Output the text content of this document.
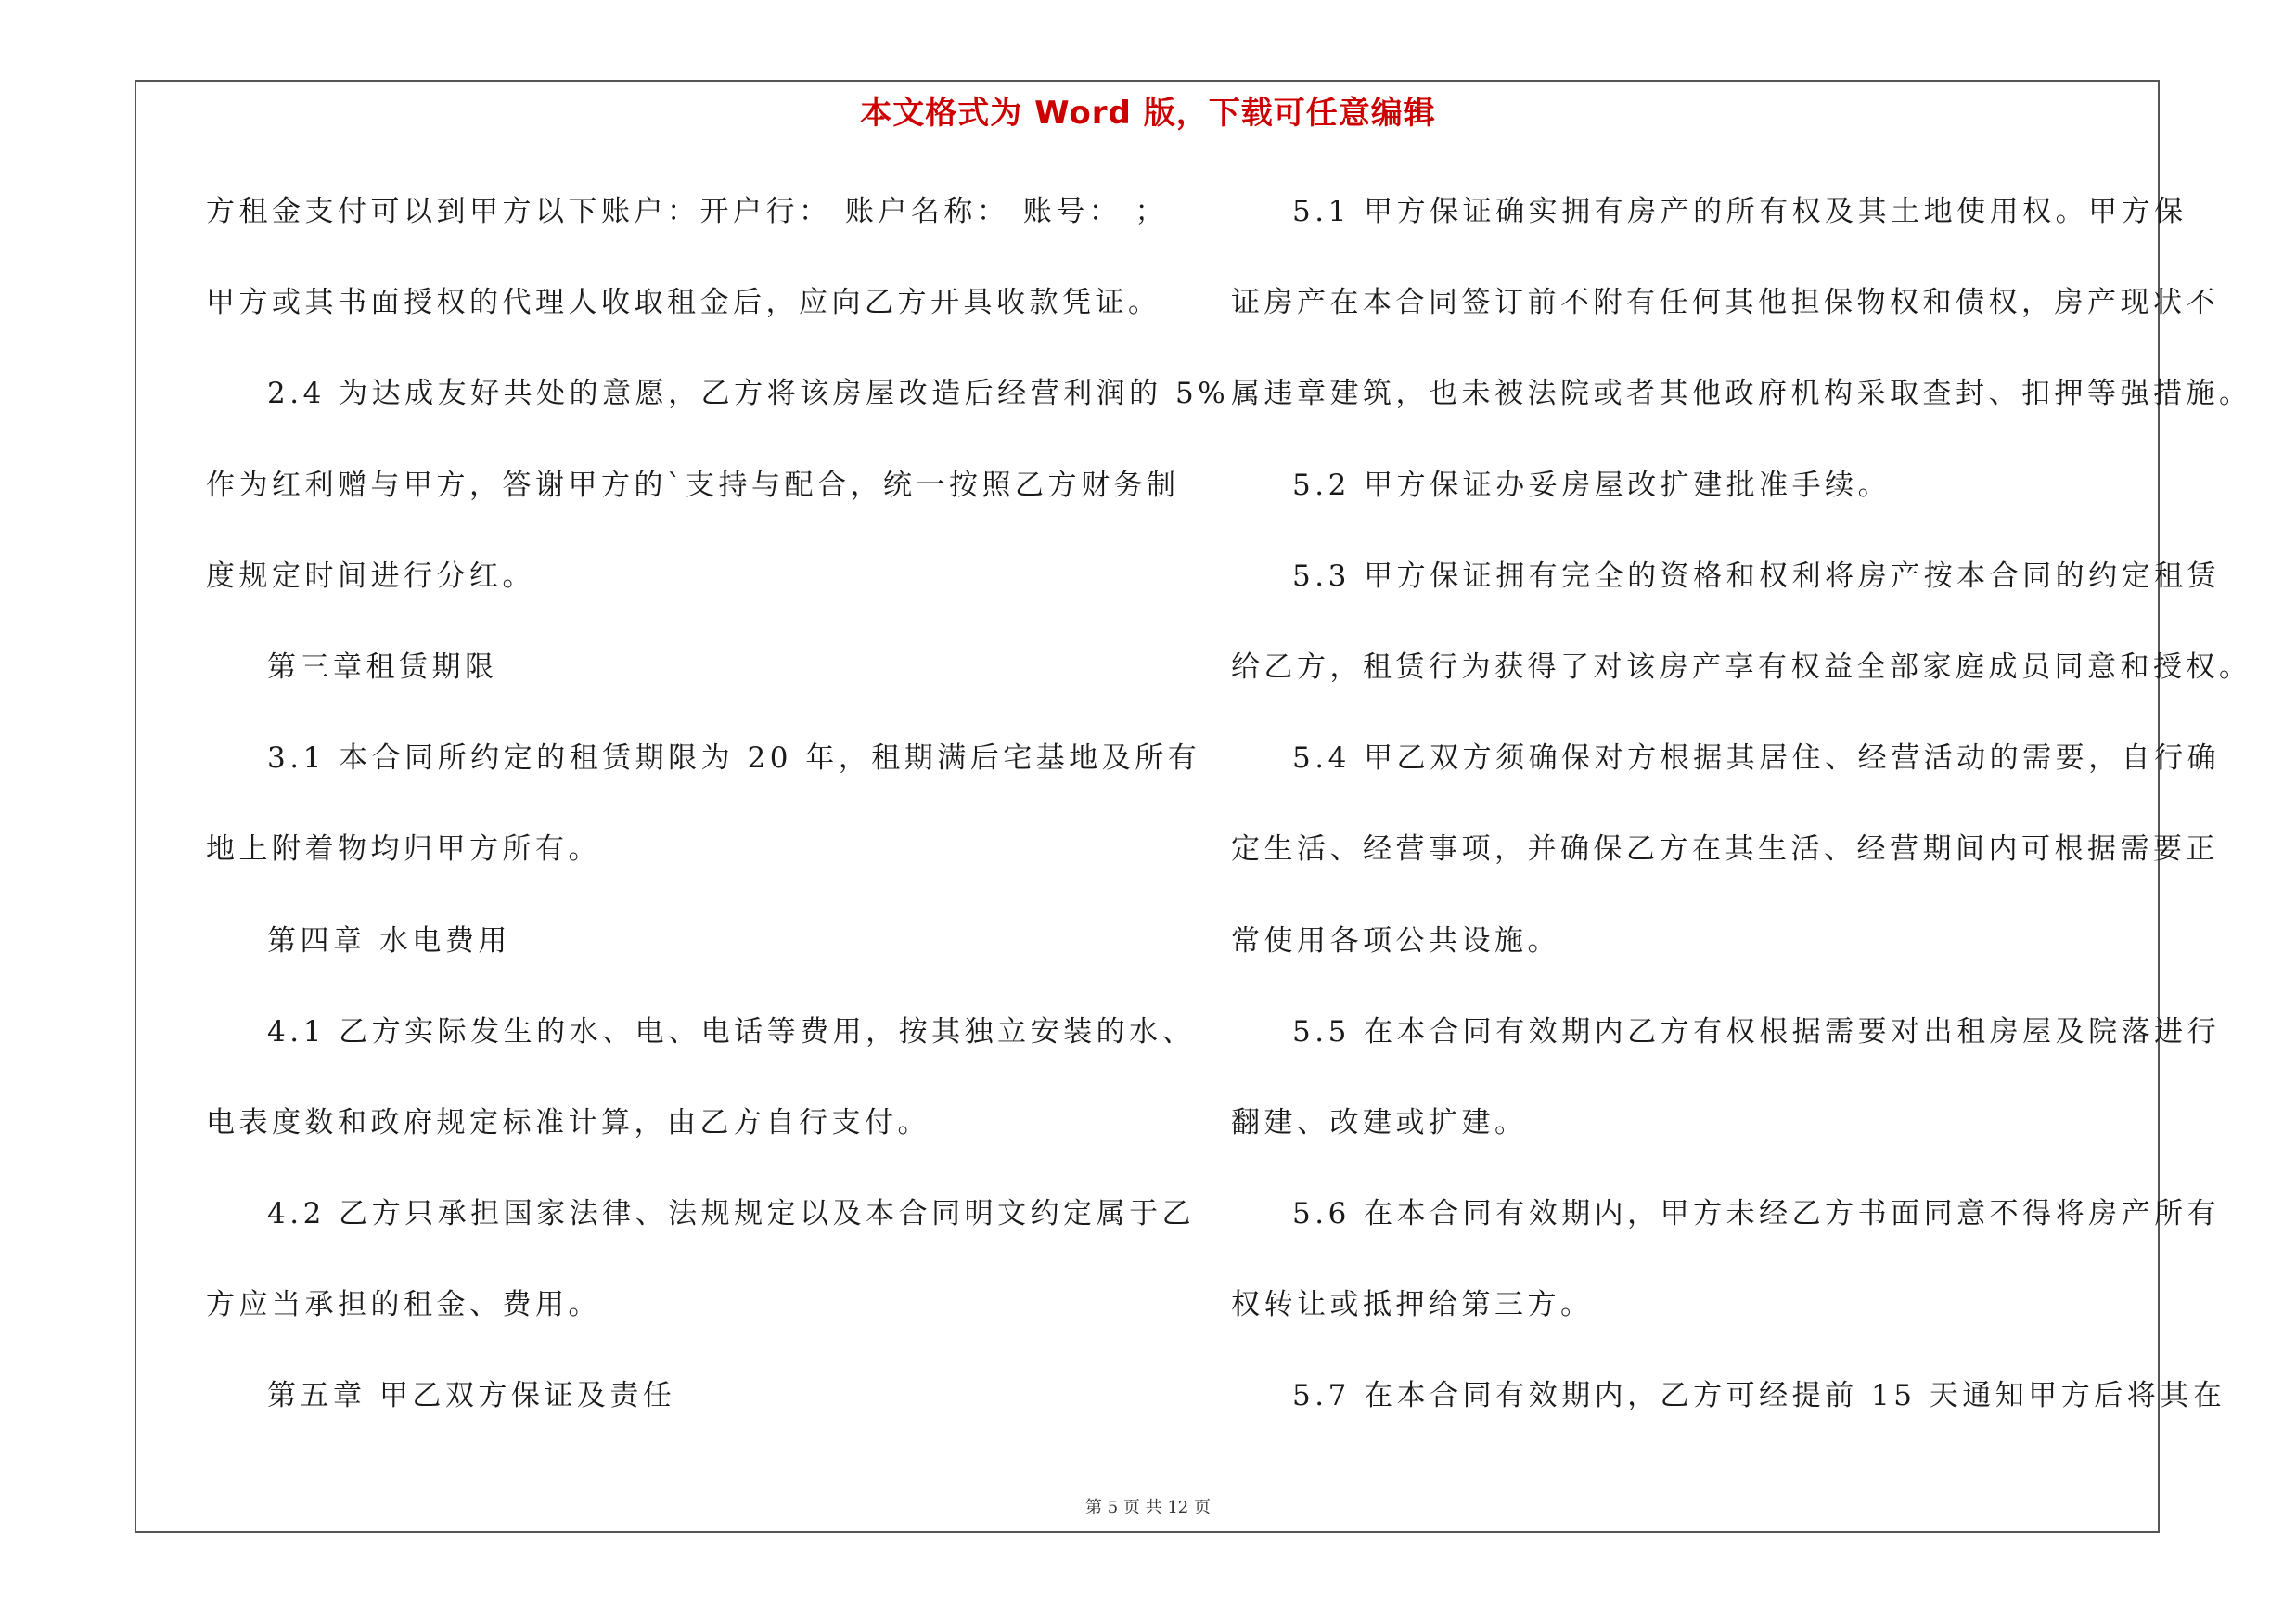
本文格式为 Word 版，下载可任意编辑
方租金支付可以到甲方以下账户：开户行： 账户名称： 账号： ；
甲方或其书面授权的代理人收取租金后，应向乙方开具收款凭证。
2.4 为达成友好共处的意愿，乙方将该房屋改造后经营利润的 5%
作为红利赠与甲方，答谢甲方的`支持与配合，统一按照乙方财务制
度规定时间进行分红。
第三章租赁期限
3.1 本合同所约定的租赁期限为 20 年，租期满后宅基地及所有
地上附着物均归甲方所有。
第四章 水电费用
4.1 乙方实际发生的水、电、电话等费用，按其独立安装的水、
电表度数和政府规定标准计算，由乙方自行支付。
4.2 乙方只承担国家法律、法规规定以及本合同明文约定属于乙
方应当承担的租金、费用。
第五章 甲乙双方保证及责任
5.1 甲方保证确实拥有房产的所有权及其土地使用权。甲方保
证房产在本合同签订前不附有任何其他担保物权和债权，房产现状不
属违章建筑，也未被法院或者其他政府机构采取查封、扣押等强措施。
5.2 甲方保证办妥房屋改扩建批准手续。
5.3 甲方保证拥有完全的资格和权利将房产按本合同的约定租赁
给乙方，租赁行为获得了对该房产享有权益全部家庭成员同意和授权。
5.4 甲乙双方须确保对方根据其居住、经营活动的需要，自行确
定生活、经营事项，并确保乙方在其生活、经营期间内可根据需要正
常使用各项公共设施。
5.5 在本合同有效期内乙方有权根据需要对出租房屋及院落进行
翻建、改建或扩建。
5.6 在本合同有效期内，甲方未经乙方书面同意不得将房产所有
权转让或抵押给第三方。
5.7 在本合同有效期内，乙方可经提前 15 天通知甲方后将其在
第 5 页 共 12 页
